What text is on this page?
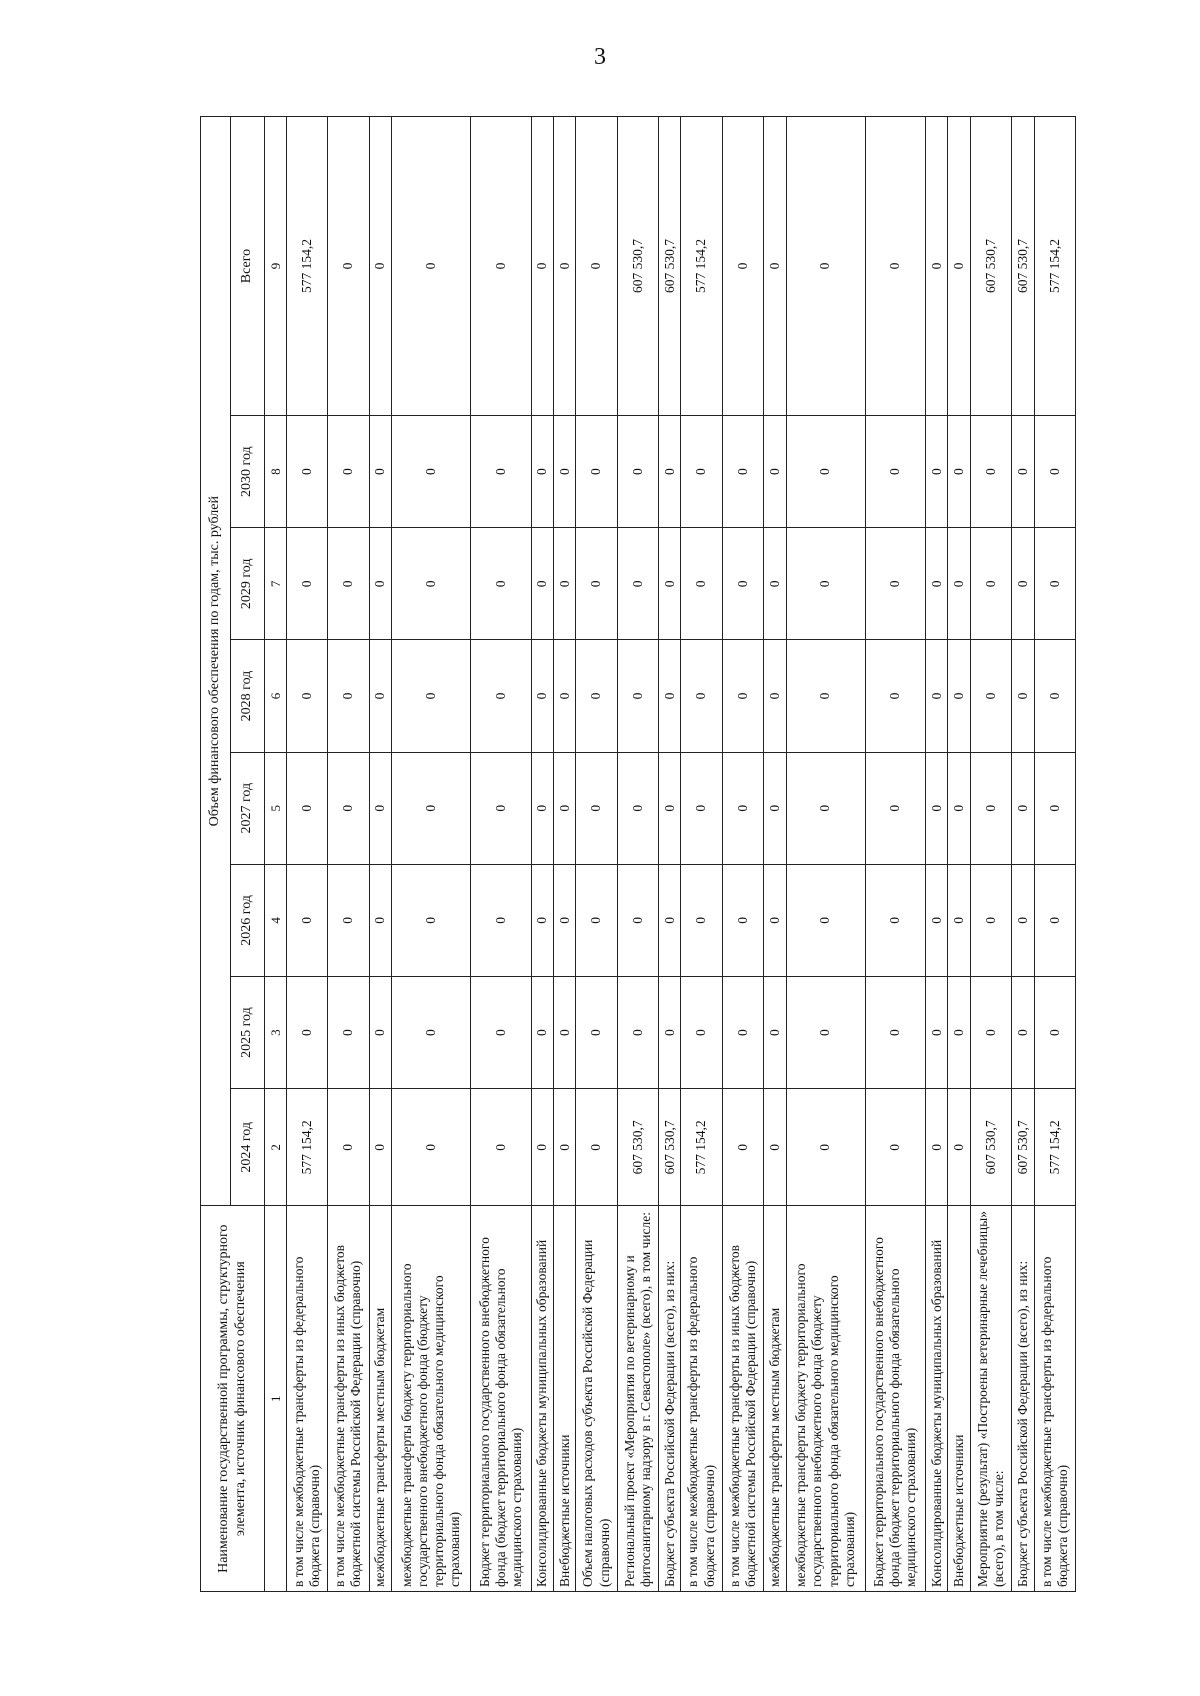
3
Наименование государственной программы, структурного элемента, источник финансового обеспечения	Объем финансового обеспечения по годам, тыс. рублей							
	2024 год	2025 год	2026 год	2027 год	2028 год	2029 год	2030 год	Всего
1	2	3	4	5	6	7	8	9
в том числе межбюджетные трансферты из федерального бюджета (справочно)	577 154,2	0	0	0	0	0	0	577 154,2
в том числе межбюджетные трансферты из иных бюджетов бюджетной системы Российской Федерации (справочно)	0	0	0	0	0	0	0	0
межбюджетные трансферты местным бюджетам	0	0	0	0	0	0	0	0
межбюджетные трансферты бюджету территориального государственного внебюджетного фонда (бюджету территориального фонда обязательного медицинского страхования)	0	0	0	0	0	0	0	0
Бюджет территориального государственного внебюджетного фонда (бюджет территориального фонда обязательного медицинского страхования)	0	0	0	0	0	0	0	0
Консолидированные бюджеты муниципальных образований	0	0	0	0	0	0	0	0
Внебюджетные источники	0	0	0	0	0	0	0	0
Объем налоговых расходов субъекта Российской Федерации (справочно)	0	0	0	0	0	0	0	0
Региональный проект «Мероприятия по ветеринарному и фитосанитарному надзору в г. Севастополе» (всего), в том числе:	607 530,7	0	0	0	0	0	0	607 530,7
Бюджет субъекта Российской Федерации (всего), из них:	607 530,7	0	0	0	0	0	0	607 530,7
в том числе межбюджетные трансферты из федерального бюджета (справочно)	577 154,2	0	0	0	0	0	0	577 154,2
в том числе межбюджетные трансферты из иных бюджетов бюджетной системы Российской Федерации (справочно)	0	0	0	0	0	0	0	0
межбюджетные трансферты местным бюджетам	0	0	0	0	0	0	0	0
межбюджетные трансферты бюджету территориального государственного внебюджетного фонда (бюджету территориального фонда обязательного медицинского страхования)	0	0	0	0	0	0	0	0
Бюджет территориального государственного внебюджетного фонда (бюджет территориального фонда обязательного медицинского страхования)	0	0	0	0	0	0	0	0
Консолидированные бюджеты муниципальных образований	0	0	0	0	0	0	0	0
Внебюджетные источники	0	0	0	0	0	0	0	0
Мероприятие (результат) «Построены ветеринарные лечебницы» (всего), в том числе:	607 530,7	0	0	0	0	0	0	607 530,7
Бюджет субъекта Российской Федерации (всего), из них:	607 530,7	0	0	0	0	0	0	607 530,7
в том числе межбюджетные трансферты из федерального бюджета (справочно)	577 154,2	0	0	0	0	0	0	577 154,2
